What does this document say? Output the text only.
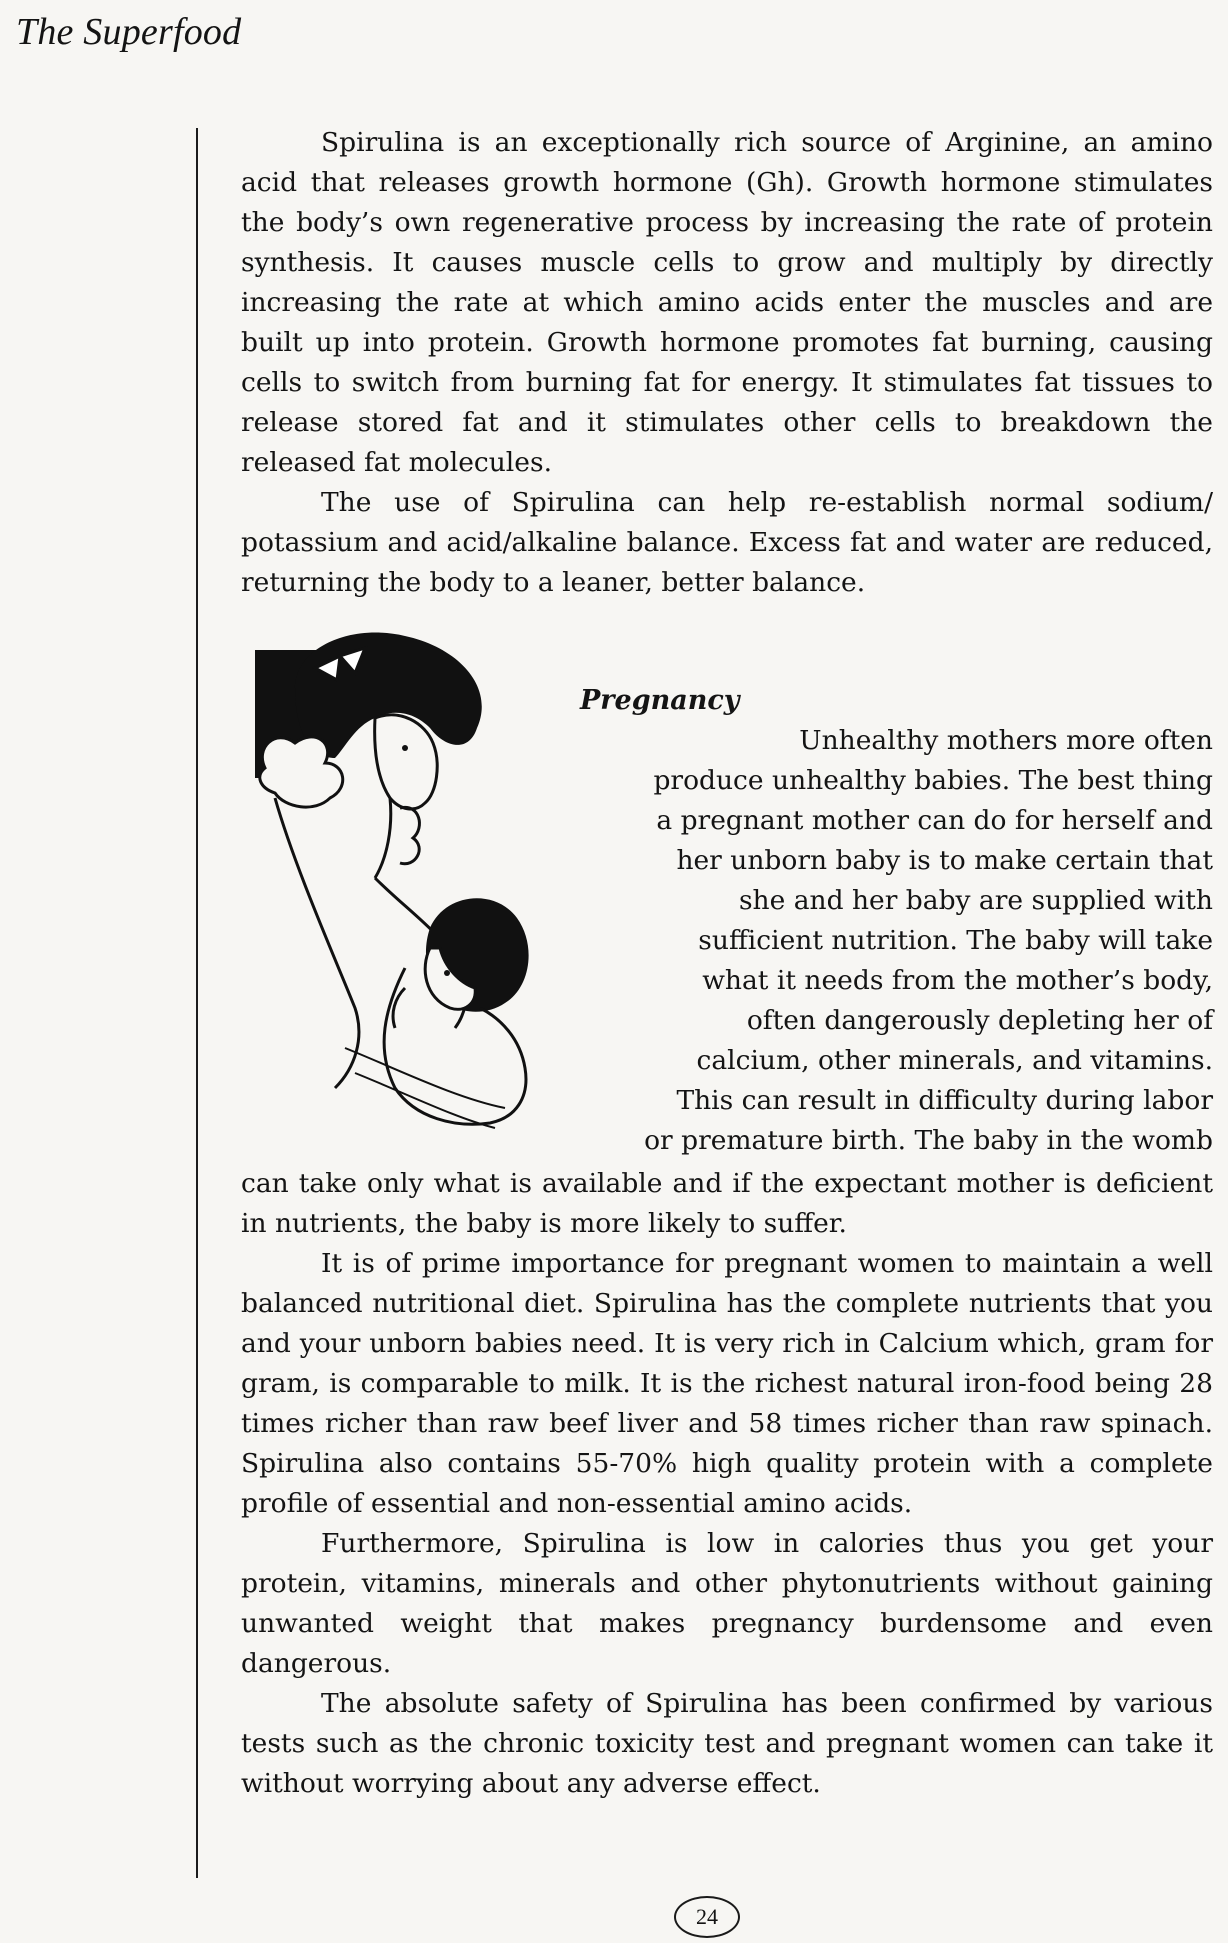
The Superfood

Spirulina is an exceptionally rich source of Arginine, an amino acid that releases growth hormone (Gh). Growth hormone stimulates the body’s own regenerative process by increasing the rate of protein synthesis. It causes muscle cells to grow and multiply by directly increasing the rate at which amino acids enter the muscles and are built up into protein. Growth hormone promotes fat burning, causing cells to switch from burning fat for energy. It stimulates fat tissues to release stored fat and it stimulates other cells to breakdown the released fat molecules.

The use of Spirulina can help re-establish normal sodium/ potassium and acid/alkaline balance. Excess fat and water are reduced, returning the body to a leaner, better balance.

Pregnancy
Unhealthy mothers more often
produce unhealthy babies. The best thing
a pregnant mother can do for herself and
her unborn baby is to make certain that
she and her baby are supplied with
sufficient nutrition. The baby will take
what it needs from the mother’s body,
often dangerously depleting her of
calcium, other minerals, and vitamins.
This can result in difficulty during labor
or premature birth. The baby in the womb

can take only what is available and if the expectant mother is deficient in nutrients, the baby is more likely to suffer.

It is of prime importance for pregnant women to maintain a well balanced nutritional diet. Spirulina has the complete nutrients that you and your unborn babies need. It is very rich in Calcium which, gram for gram, is comparable to milk. It is the richest natural iron-food being 28 times richer than raw beef liver and 58 times richer than raw spinach. Spirulina also contains 55-70% high quality protein with a complete profile of essential and non-essential amino acids.

Furthermore, Spirulina is low in calories thus you get your protein, vitamins, minerals and other phytonutrients without gaining unwanted weight that makes pregnancy burdensome and even dangerous.

The absolute safety of Spirulina has been confirmed by various tests such as the chronic toxicity test and pregnant women can take it without worrying about any adverse effect.

24
